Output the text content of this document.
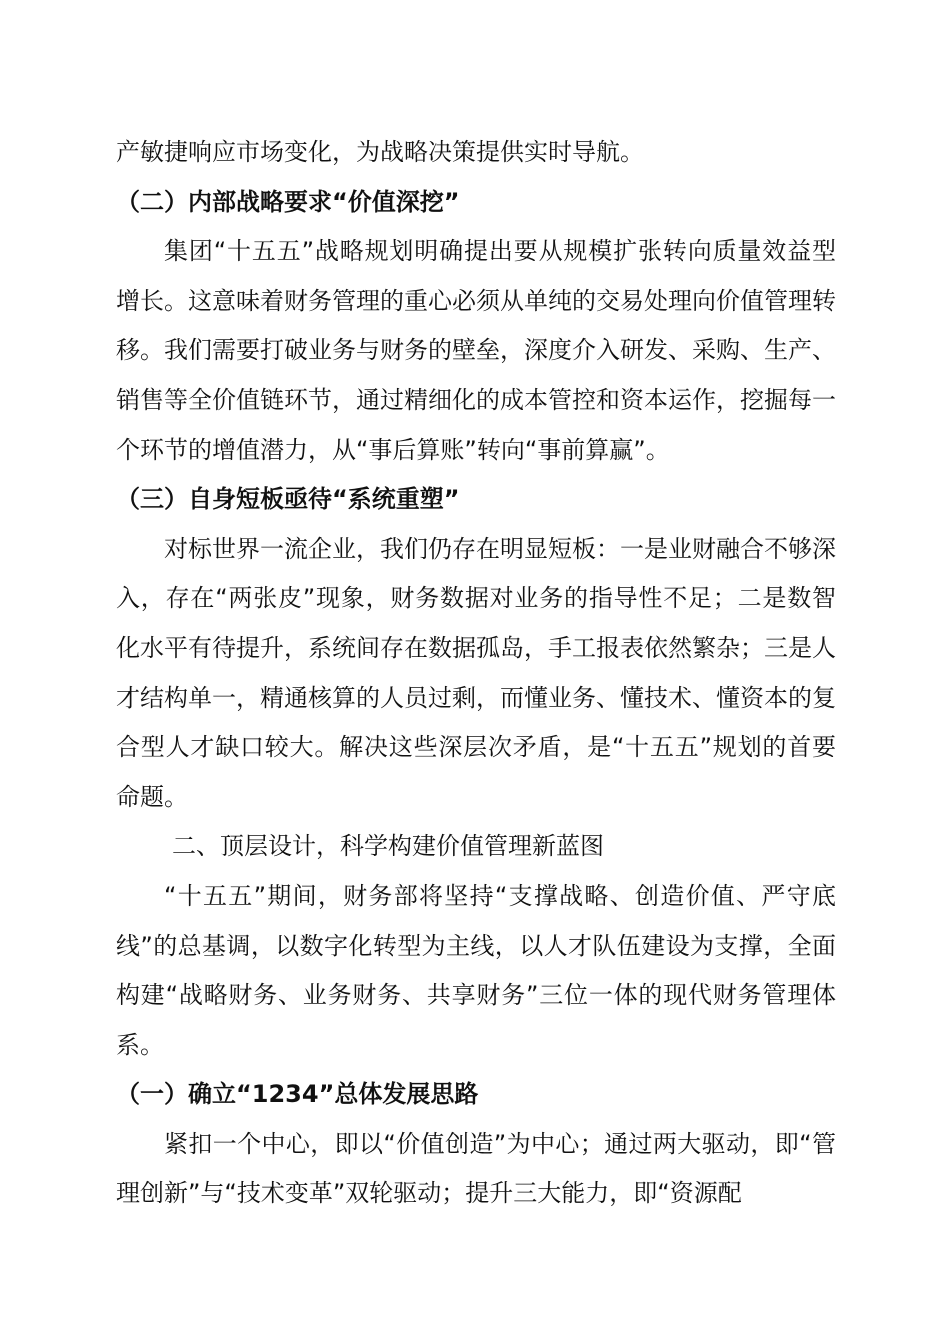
产敏捷响应市场变化，为战略决策提供实时导航。

（二）内部战略要求“价值深挖”

集团“十五五”战略规划明确提出要从规模扩张转向质量效益型增长。这意味着财务管理的重心必须从单纯的交易处理向价值管理转移。我们需要打破业务与财务的壁垒，深度介入研发、采购、生产、销售等全价值链环节，通过精细化的成本管控和资本运作，挖掘每一个环节的增值潜力，从“事后算账”转向“事前算赢”。

（三）自身短板亟待“系统重塑”

对标世界一流企业，我们仍存在明显短板：一是业财融合不够深入，存在“两张皮”现象，财务数据对业务的指导性不足；二是数智化水平有待提升，系统间存在数据孤岛，手工报表依然繁杂；三是人才结构单一，精通核算的人员过剩，而懂业务、懂技术、懂资本的复合型人才缺口较大。解决这些深层次矛盾，是“十五五”规划的首要命题。

二、顶层设计，科学构建价值管理新蓝图

“十五五”期间，财务部将坚持“支撑战略、创造价值、严守底线”的总基调，以数字化转型为主线，以人才队伍建设为支撑，全面构建“战略财务、业务财务、共享财务”三位一体的现代财务管理体系。

（一）确立“1234”总体发展思路

紧扣一个中心，即以“价值创造”为中心；通过两大驱动，即“管理创新”与“技术变革”双轮驱动；提升三大能力，即“资源配
